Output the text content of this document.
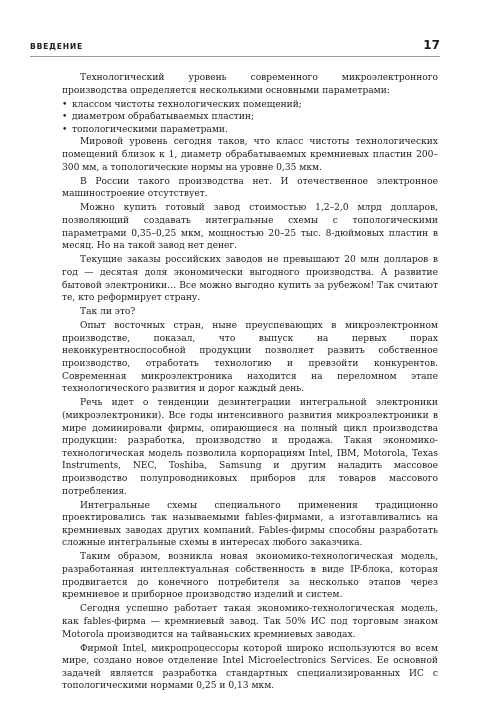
ВВЕДЕНИЕ	17

Технологический уровень современного микроэлектронного производства определяется несколькими основными параметрами:

• классом чистоты технологических помещений;
• диаметром обрабатываемых пластин;
• топологическими параметрами.

Мировой уровень сегодня таков, что класс чистоты технологических помещений близок к 1, диаметр обрабатываемых кремниевых пластин 200–300 мм, а топологические нормы на уровне 0,35 мкм.

В России такого производства нет. И отечественное электронное машиностроение отсутствует.

Можно купить готовый завод стоимостью 1,2–2,0 млрд долларов, позволяющий создавать интегральные схемы с топологическими параметрами 0,35–0,25 мкм, мощностью 20–25 тыс. 8-дюймовых пластин в месяц. Но на такой завод нет денег.

Текущие заказы российских заводов не превышают 20 млн долларов в год — десятая доля экономически выгодного производства. А развитие бытовой электроники… Все можно выгодно купить за рубежом! Так считают те, кто реформирует страну.

Так ли это?

Опыт восточных стран, ныне преуспевающих в микроэлектронном производстве, показал, что выпуск на первых порах неконкурентноспособной продукции позволяет развить собственное производство, отработать технологию и превзойти конкурентов. Современная микроэлектроника находится на переломном этапе технологического развития и дорог каждый день.

Речь идет о тенденции дезинтеграции интегральной электроники (микроэлектроники). Все годы интенсивного развития микроэлектроники в мире доминировали фирмы, опирающиеся на полный цикл производства продукции: разработка, производство и продажа. Такая экономико-технологическая модель позволила корпорациям Intel, IBM, Motorola, Texas Instruments, NEC, Toshiba, Samsung и другим наладить массовое производство полупроводниковых приборов для товаров массового потребления.

Интегральные схемы специального применения традиционно проектировались так называемыми fables-фирмами, а изготавливались на кремниевых заводах других компаний. Fables-фирмы способны разработать сложные интегральные схемы в интересах любого заказчика.

Таким образом, возникла новая экономико-технологическая модель, разработанная интеллектуальная собственность в виде IP-блока, которая продвигается до конечного потребителя за несколько этапов через кремниевое и приборное производство изделий и систем.

Сегодня успешно работает такая экономико-технологическая модель, как fables-фирма — кремниевый завод. Так 50% ИС под торговым знаком Motorola производится на тайваньских кремниевых заводах.

Фирмой Intel, микропроцессоры которой широко используются во всем мире, создано новое отделение Intel Microelectronics Services. Ее основной задачей является разработка стандартных специализированных ИС с топологическими нормами 0,25 и 0,13 мкм.
